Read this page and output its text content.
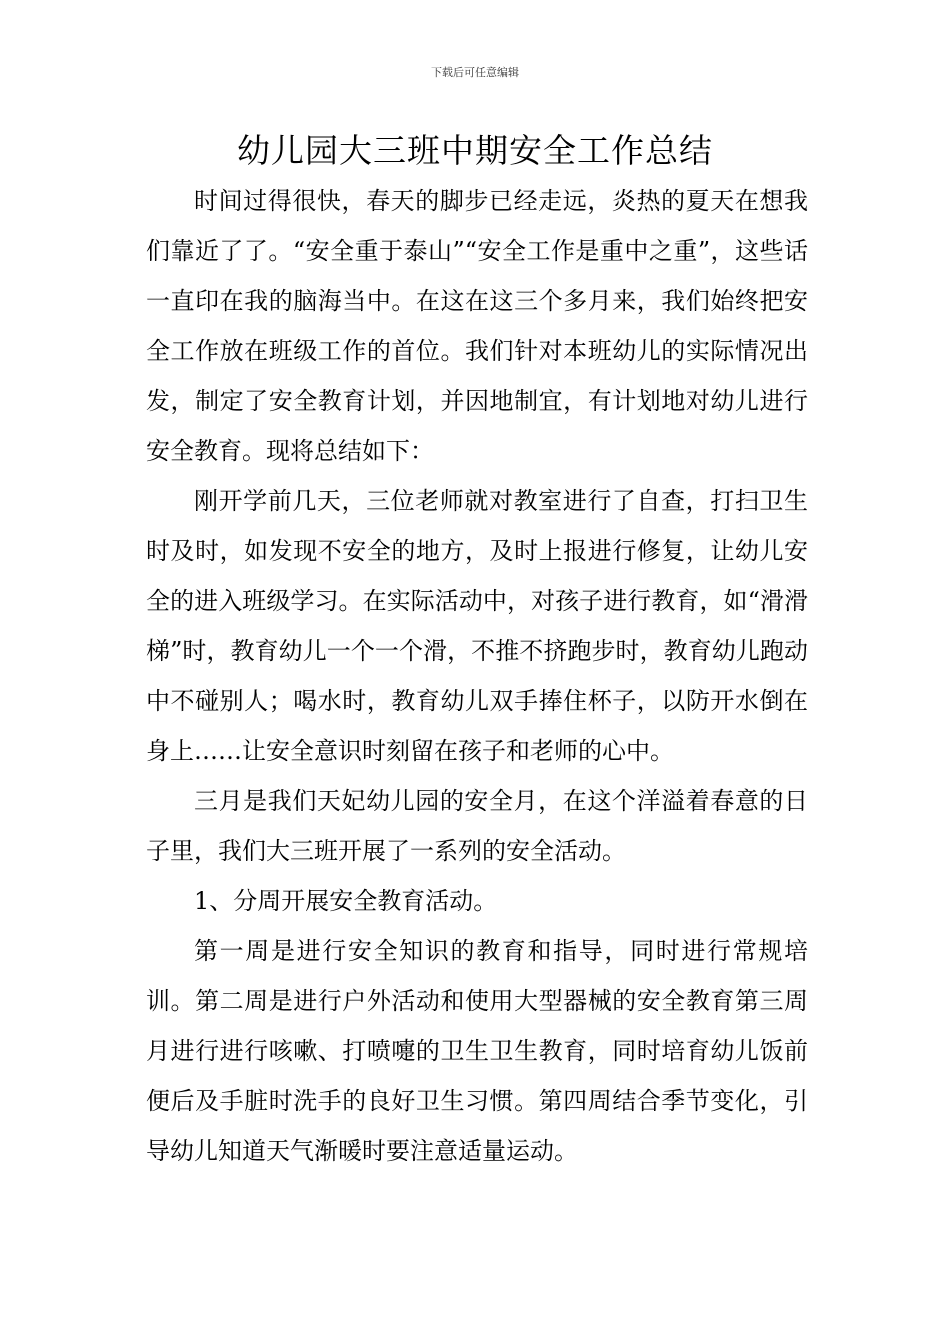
下载后可任意编辑
幼儿园大三班中期安全工作总结

时间过得很快，春天的脚步已经走远，炎热的夏天在想我们靠近了了。“安全重于泰山”“安全工作是重中之重”，这些话一直印在我的脑海当中。在这在这三个多月来，我们始终把安全工作放在班级工作的首位。我们针对本班幼儿的实际情况出发，制定了安全教育计划，并因地制宜，有计划地对幼儿进行安全教育。现将总结如下：

刚开学前几天，三位老师就对教室进行了自查，打扫卫生时及时，如发现不安全的地方，及时上报进行修复，让幼儿安全的进入班级学习。在实际活动中，对孩子进行教育，如“滑滑梯”时，教育幼儿一个一个滑，不推不挤跑步时，教育幼儿跑动中不碰别人；喝水时，教育幼儿双手捧住杯子，以防开水倒在身上……让安全意识时刻留在孩子和老师的心中。

三月是我们天妃幼儿园的安全月，在这个洋溢着春意的日子里，我们大三班开展了一系列的安全活动。

1、分周开展安全教育活动。

第一周是进行安全知识的教育和指导，同时进行常规培训。第二周是进行户外活动和使用大型器械的安全教育第三周月进行进行咳嗽、打喷嚏的卫生卫生教育，同时培育幼儿饭前便后及手脏时洗手的良好卫生习惯。第四周结合季节变化，引导幼儿知道天气渐暖时要注意适量运动。
